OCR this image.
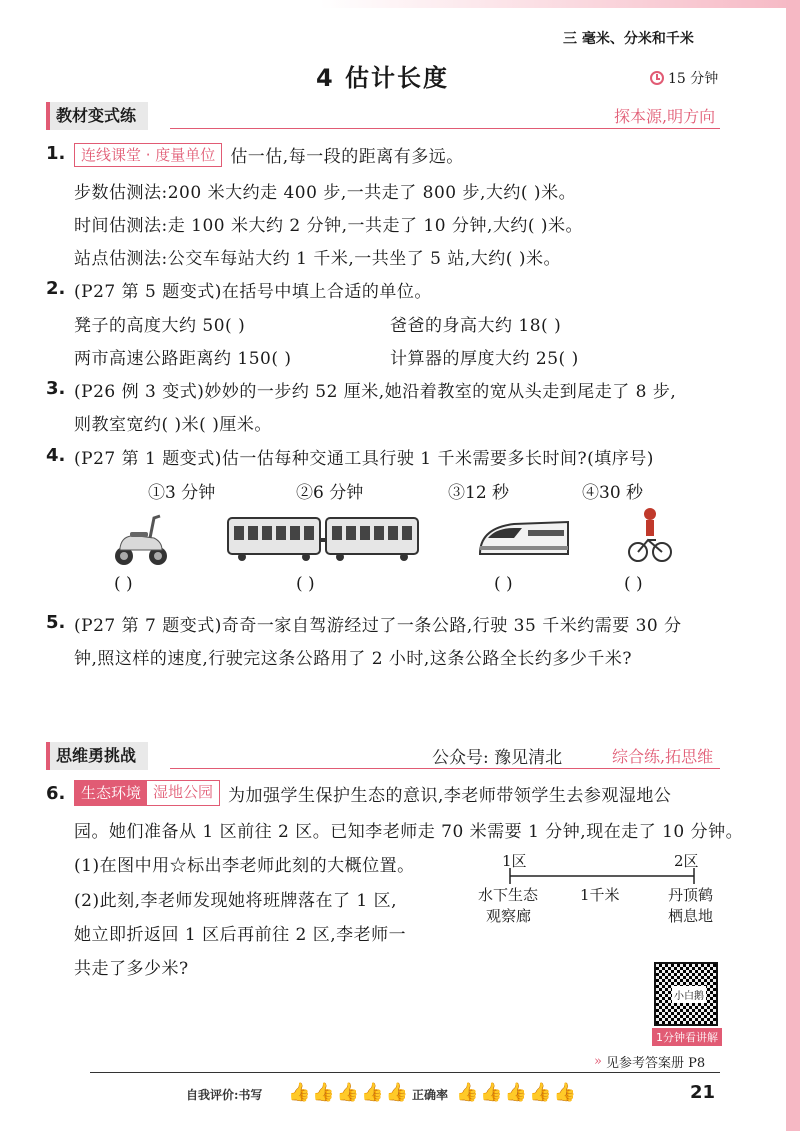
三 毫米、分米和千米
4 估计长度	15 分钟
教材变式练	探本源,明方向
1.	连线课堂 · 度量单位 估一估,每一段的距离有多远。
步数估测法:200 米大约走 400 步,一共走了 800 步,大约( )米。
时间估测法:走 100 米大约 2 分钟,一共走了 10 分钟,大约( )米。
站点估测法:公交车每站大约 1 千米,一共坐了 5 站,大约( )米。
2. (P27 第 5 题变式)在括号中填上合适的单位。
凳子的高度大约 50( )	爸爸的身高大约 18( )
两市高速公路距离约 150( )	计算器的厚度大约 25( )
3. (P26 例 3 变式)妙妙的一步约 52 厘米,她沿着教室的宽从头走到尾走了 8 步,
则教室宽约( )米( )厘米。
4. (P27 第 1 题变式)估一估每种交通工具行驶 1 千米需要多长时间?(填序号)
①3 分钟	②6 分钟	③12 秒	④30 秒
( )	( )	( )	( )
5. (P27 第 7 题变式)奇奇一家自驾游经过了一条公路,行驶 35 千米约需要 30 分
钟,照这样的速度,行驶完这条公路用了 2 小时,这条公路全长约多少千米?
思维勇挑战	公众号: 豫见清北	综合练,拓思维
6.	生态环境 湿地公园 为加强学生保护生态的意识,李老师带领学生去参观湿地公
园。她们准备从 1 区前往 2 区。已知李老师走 70 米需要 1 分钟,现在走了 10 分钟。
(1)在图中用☆标出李老师此刻的大概位置。
(2)此刻,李老师发现她将班牌落在了 1 区,
她立即折返回 1 区后再前往 2 区,李老师一
共走了多少米?
1区	2区
1千米
水下生态
观察廊
丹顶鹤
栖息地
小白鹅
1分钟看讲解
» 见参考答案册 P8
自我评价:书写 👍👍👍👍👍 正确率 👍👍👍👍👍	21
